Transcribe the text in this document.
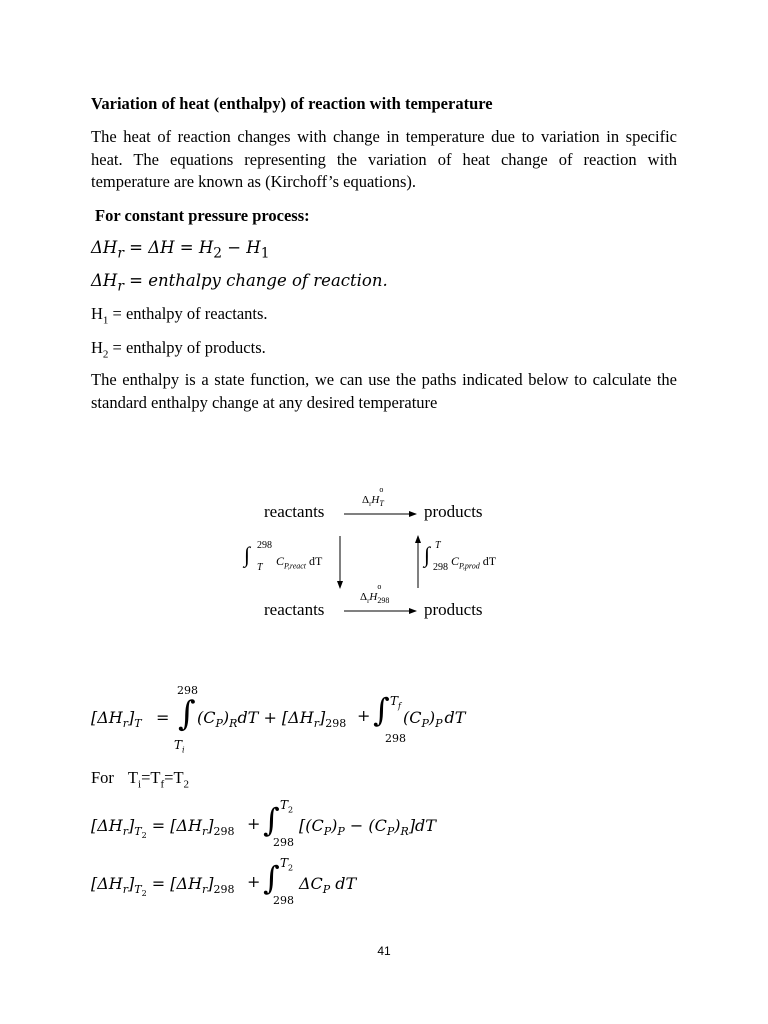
Variation of heat (enthalpy) of reaction with temperature
The heat of reaction changes with change in temperature due to variation in specific heat. The equations representing the variation of heat change of reaction with temperature are known as (Kirchoff’s equations).
For constant pressure process:
$\Delta H_r = \Delta H = H_2 - H_1$
$\Delta H_r$ = enthalpy change of reaction.
$H_1$ = enthalpy of reactants.
$H_2$ = enthalpy of products.
The enthalpy is a state function, we can use the paths indicated below to calculate the standard enthalpy change at any desired temperature
reactants	products
reactants	products
$\Delta_rH$
o
$_T$
$\Delta_rH$
o
$_{298}$
∫ 298
T $C_{P,react}$ dT	∫ T
298 $C_{P,prod}$ dT
$[\Delta H_r]_T$ =
298
∫
$T_i$
$(C_P)_RdT + [\Delta H_r]_{298}$ + ∫ $T_f$
298
$(C_P)_P$ dT
For $T_i=T_f=T_2$
$[\Delta H_r]_{T_2} = [\Delta H_r]_{298}$ + ∫ $T_2$
298
$[(C_P)_P - (C_P)_R]dT$
$[\Delta H_r]_{T_2} = [\Delta H_r]_{298}$ + ∫ $T_2$
298
$\Delta C_P$ dT
41
